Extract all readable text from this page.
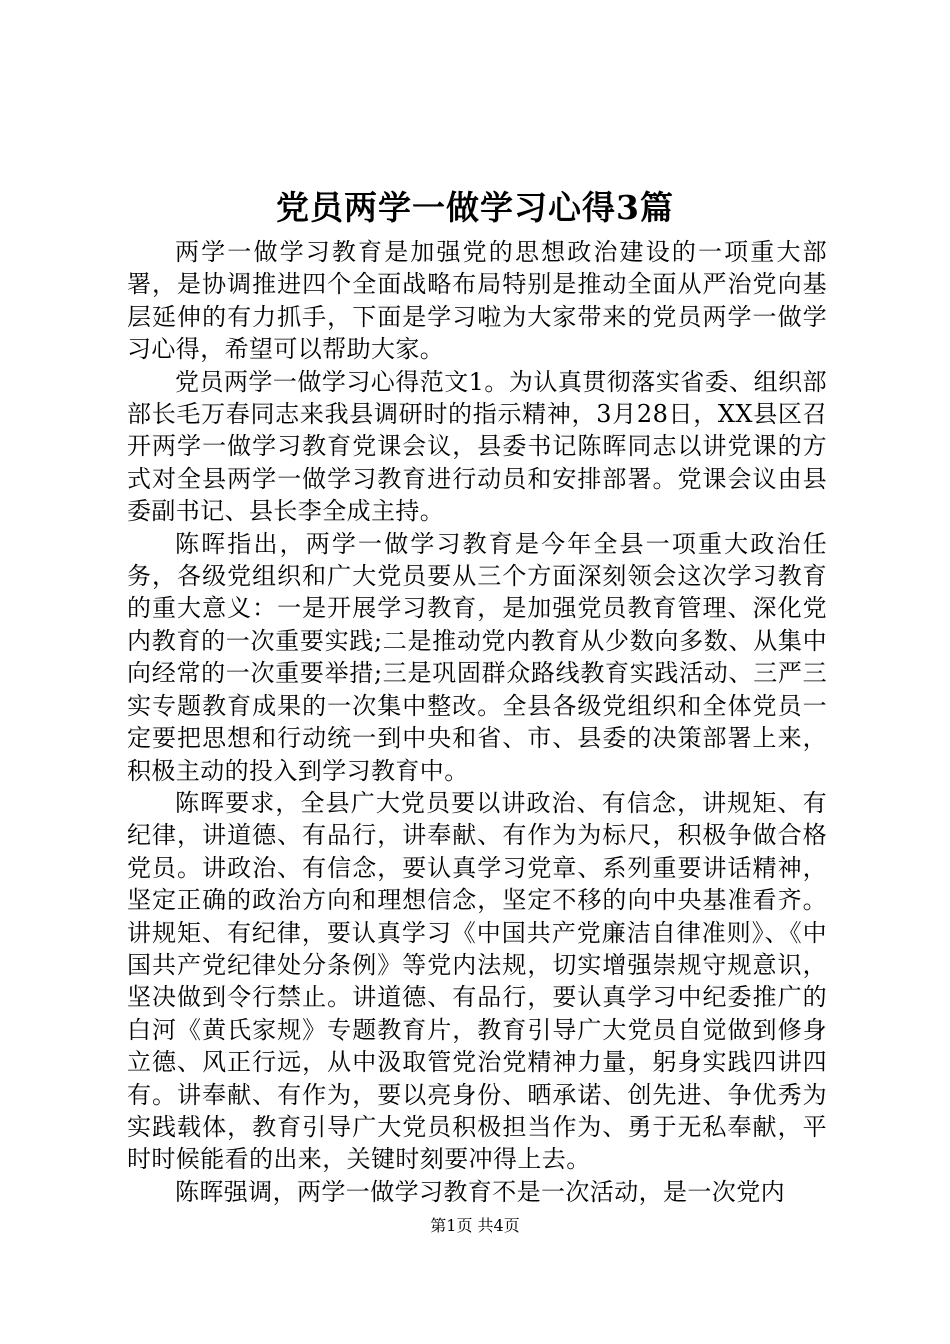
党员两学一做学习心得3篇

两学一做学习教育是加强党的思想政治建设的一项重大部署，是协调推进四个全面战略布局特别是推动全面从严治党向基层延伸的有力抓手，下面是学习啦为大家带来的党员两学一做学习心得，希望可以帮助大家。

党员两学一做学习心得范文1。为认真贯彻落实省委、组织部部长毛万春同志来我县调研时的指示精神，3月28日，XX县区召开两学一做学习教育党课会议，县委书记陈晖同志以讲党课的方式对全县两学一做学习教育进行动员和安排部署。党课会议由县委副书记、县长李全成主持。

陈晖指出，两学一做学习教育是今年全县一项重大政治任务，各级党组织和广大党员要从三个方面深刻领会这次学习教育的重大意义：一是开展学习教育，是加强党员教育管理、深化党内教育的一次重要实践;二是推动党内教育从少数向多数、从集中向经常的一次重要举措;三是巩固群众路线教育实践活动、三严三实专题教育成果的一次集中整改。全县各级党组织和全体党员一定要把思想和行动统一到中央和省、市、县委的决策部署上来，积极主动的投入到学习教育中。

陈晖要求，全县广大党员要以讲政治、有信念，讲规矩、有纪律，讲道德、有品行，讲奉献、有作为为标尺，积极争做合格党员。讲政治、有信念，要认真学习党章、系列重要讲话精神，坚定正确的政治方向和理想信念，坚定不移的向中央基准看齐。讲规矩、有纪律，要认真学习《中国共产党廉洁自律准则》、《中国共产党纪律处分条例》等党内法规，切实增强崇规守规意识，坚决做到令行禁止。讲道德、有品行，要认真学习中纪委推广的白河《黄氏家规》专题教育片，教育引导广大党员自觉做到修身立德、风正行远，从中汲取管党治党精神力量，躬身实践四讲四有。讲奉献、有作为，要以亮身份、晒承诺、创先进、争优秀为实践载体，教育引导广大党员积极担当作为、勇于无私奉献，平时时候能看的出来，关键时刻要冲得上去。

陈晖强调，两学一做学习教育不是一次活动，是一次党内

第1页 共4页
